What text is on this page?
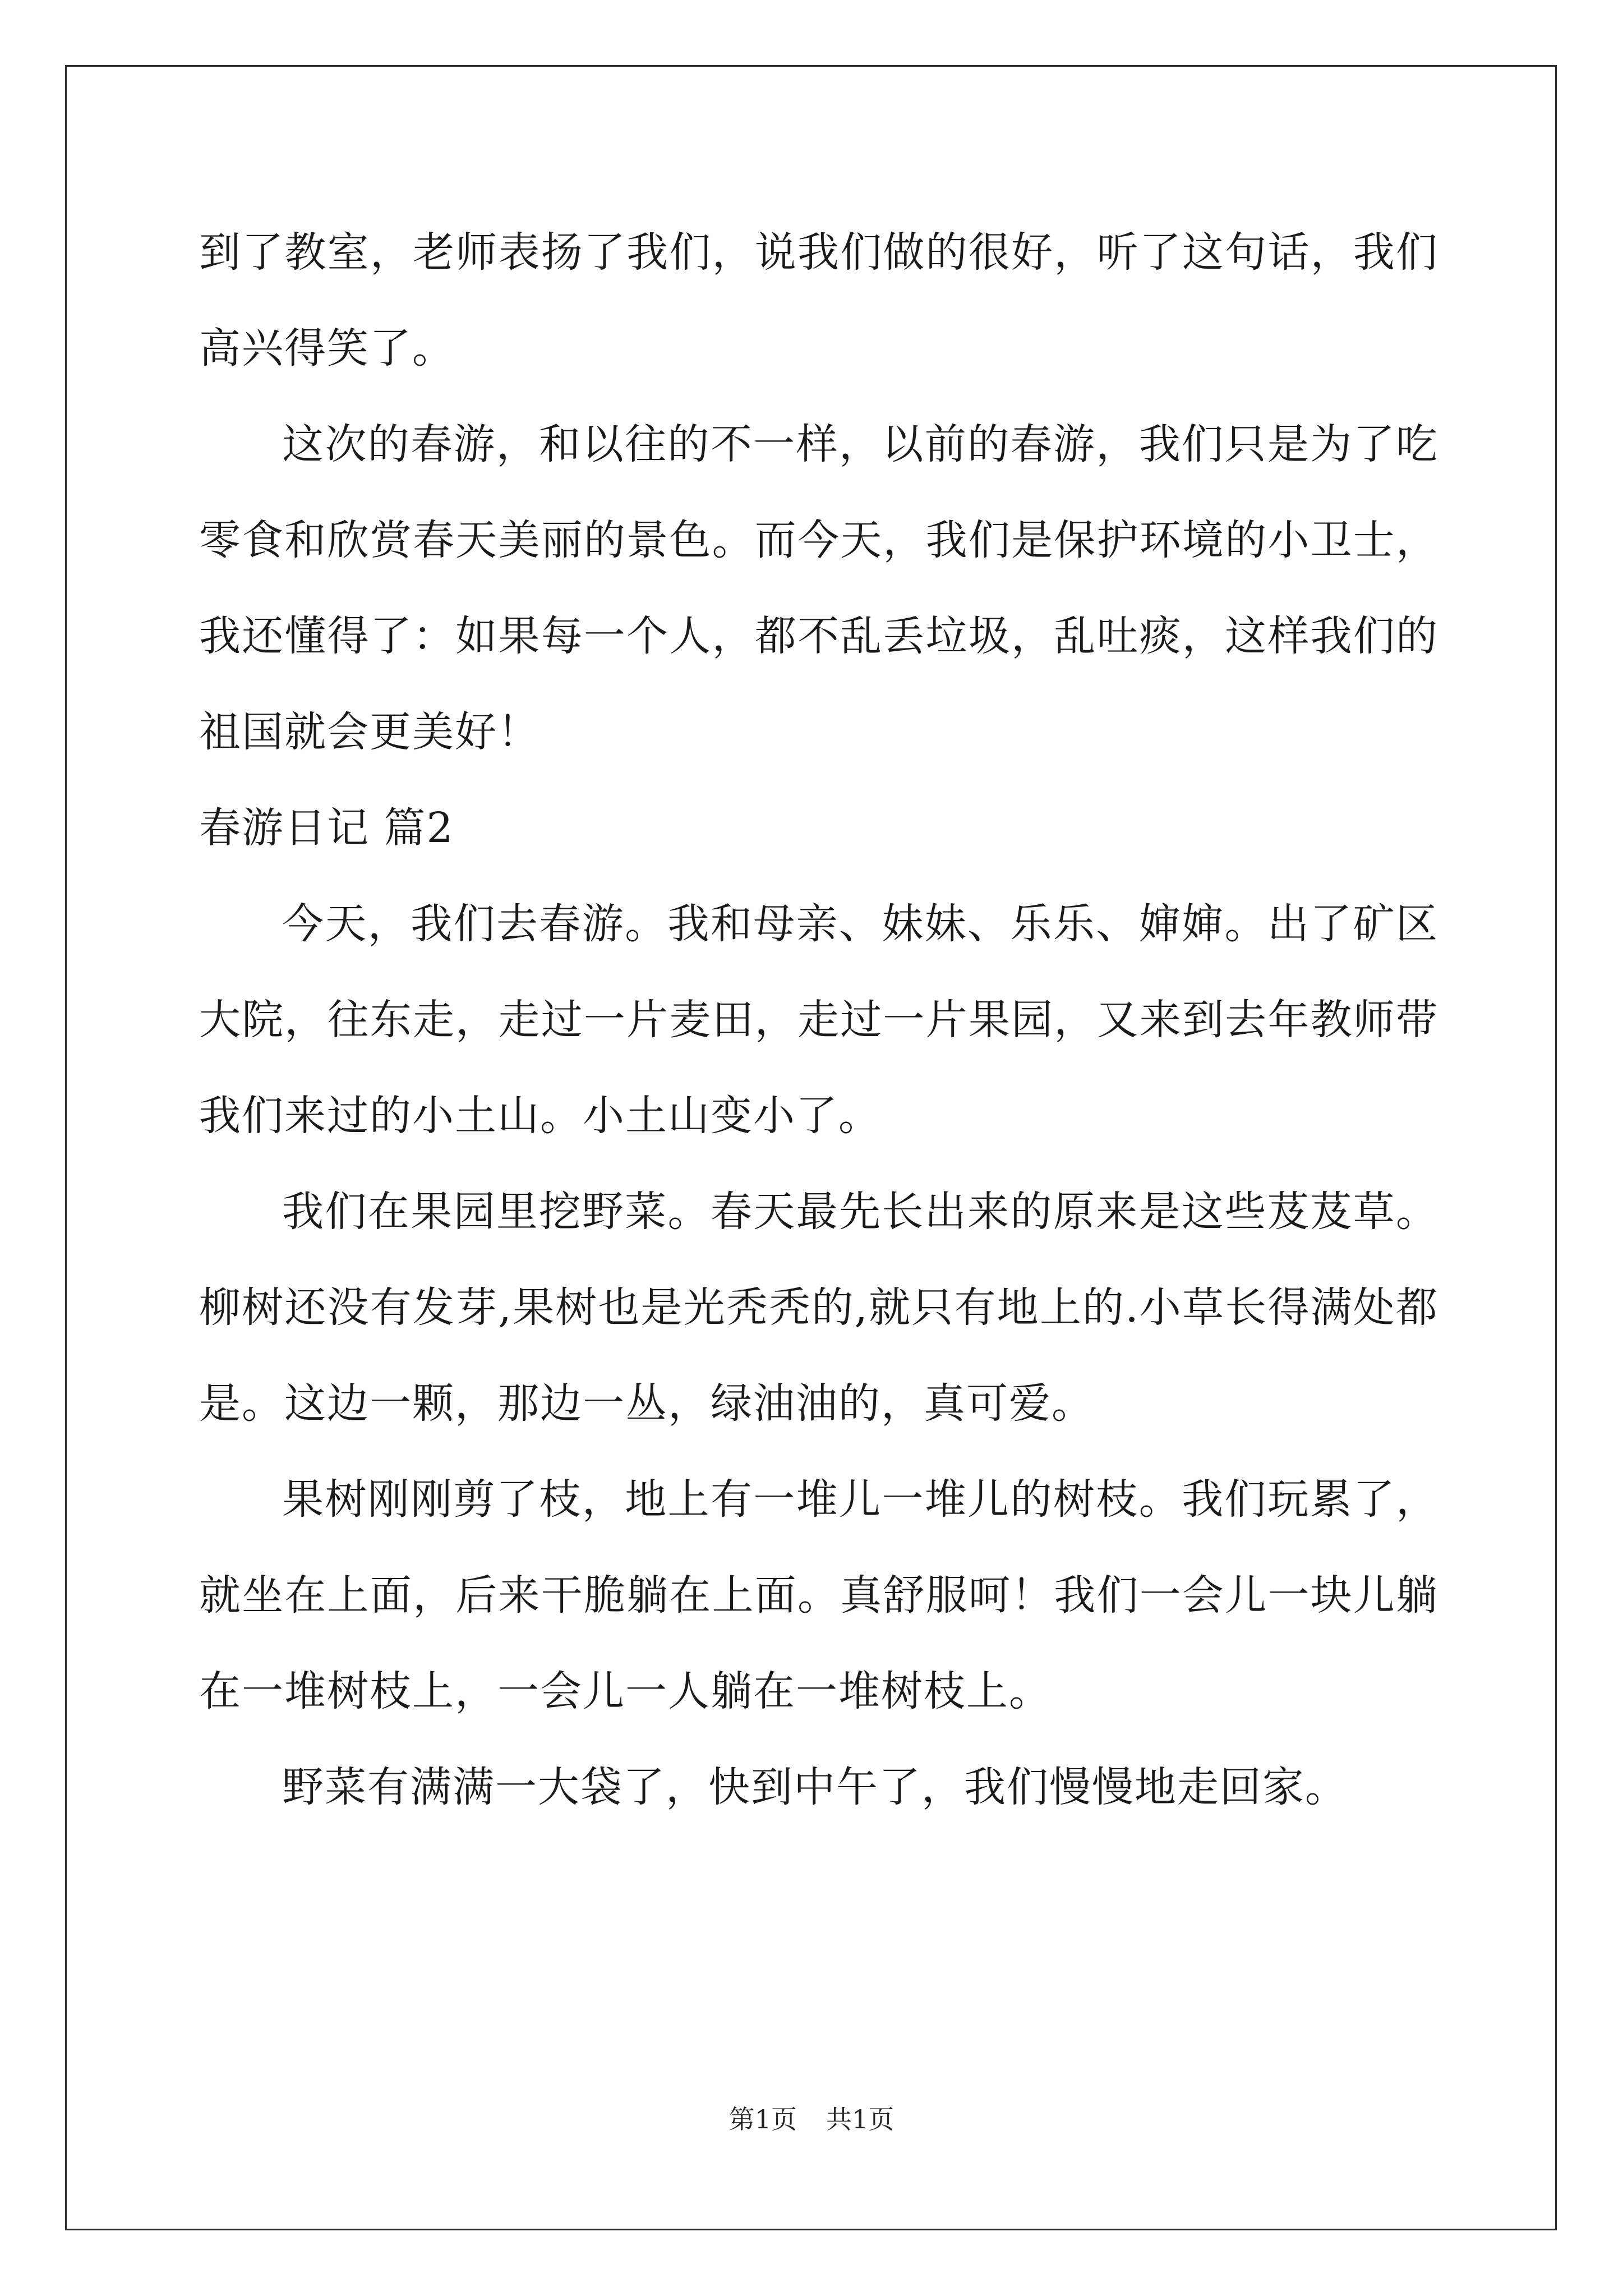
到了教室，老师表扬了我们，说我们做的很好，听了这句话，我们高兴得笑了。

这次的春游，和以往的不一样，以前的春游，我们只是为了吃零食和欣赏春天美丽的景色。而今天，我们是保护环境的小卫士，我还懂得了：如果每一个人，都不乱丢垃圾，乱吐痰，这样我们的祖国就会更美好！

春游日记 篇2

今天，我们去春游。我和母亲、妹妹、乐乐、婶婶。出了矿区大院，往东走，走过一片麦田，走过一片果园，又来到去年教师带我们来过的小土山。小土山变小了。

我们在果园里挖野菜。春天最先长出来的原来是这些芨芨草。柳树还没有发芽,果树也是光秃秃的,就只有地上的.小草长得满处都是。这边一颗，那边一丛，绿油油的，真可爱。

果树刚刚剪了枝，地上有一堆儿一堆儿的树枝。我们玩累了，就坐在上面，后来干脆躺在上面。真舒服呵！我们一会儿一块儿躺在一堆树枝上，一会儿一人躺在一堆树枝上。

野菜有满满一大袋了，快到中午了，我们慢慢地走回家。

第1页 共1页
